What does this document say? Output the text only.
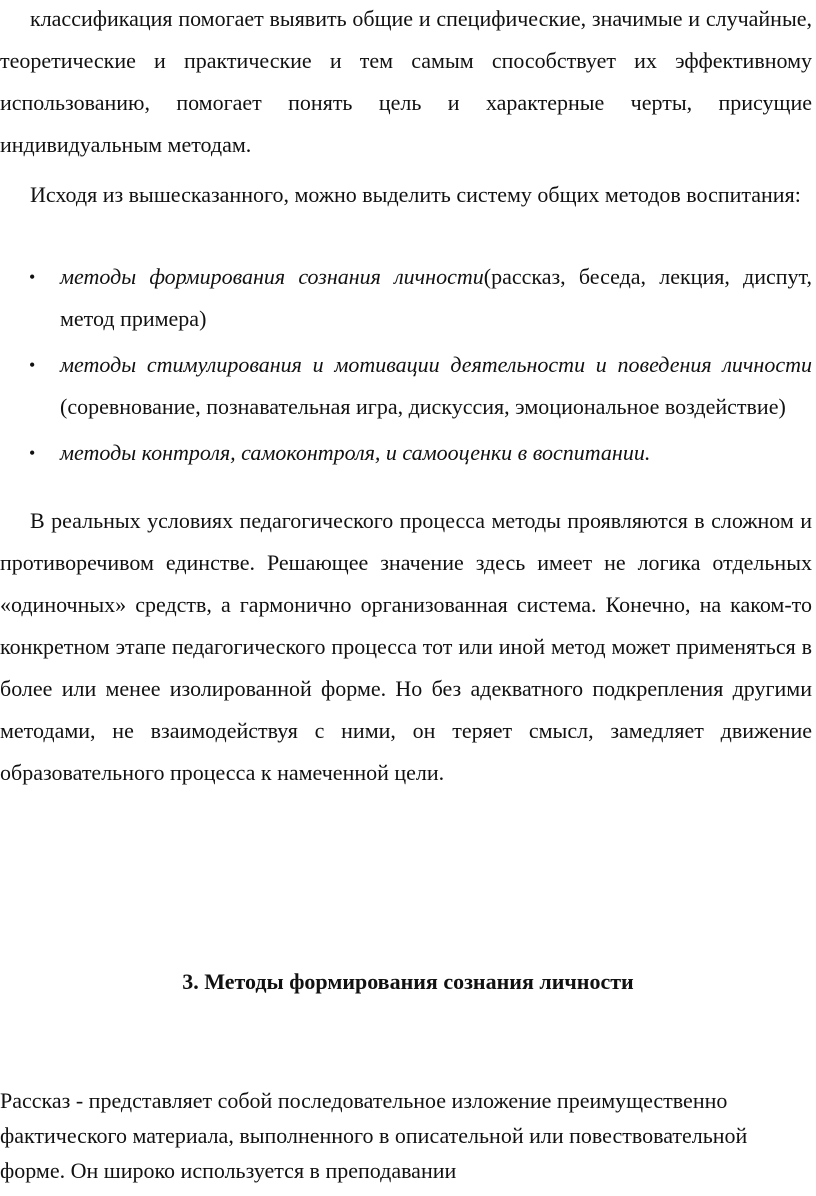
классификация помогает выявить общие и специфические, значимые и случайные, теоретические и практические и тем самым способствует их эффективному использованию, помогает понять цель и характерные черты, присущие индивидуальным методам.

Исходя из вышесказанного, можно выделить систему общих методов воспитания:

• методы формирования сознания личности(рассказ, беседа, лекция, диспут, метод примера)
• методы стимулирования и мотивации деятельности и поведения личности (соревнование, познавательная игра, дискуссия, эмоциональное воздействие)
• методы контроля, самоконтроля, и самооценки в воспитании.

В реальных условиях педагогического процесса методы проявляются в сложном и противоречивом единстве. Решающее значение здесь имеет не логика отдельных «одиночных» средств, а гармонично организованная система. Конечно, на каком-то конкретном этапе педагогического процесса тот или иной метод может применяться в более или менее изолированной форме. Но без адекватного подкрепления другими методами, не взаимодействуя с ними, он теряет смысл, замедляет движение образовательного процесса к намеченной цели.

3. Методы формирования сознания личности

Рассказ - представляет собой последовательное изложение преимущественно фактического материала, выполненного в описательной или повествовательной форме. Он широко используется в преподавании
